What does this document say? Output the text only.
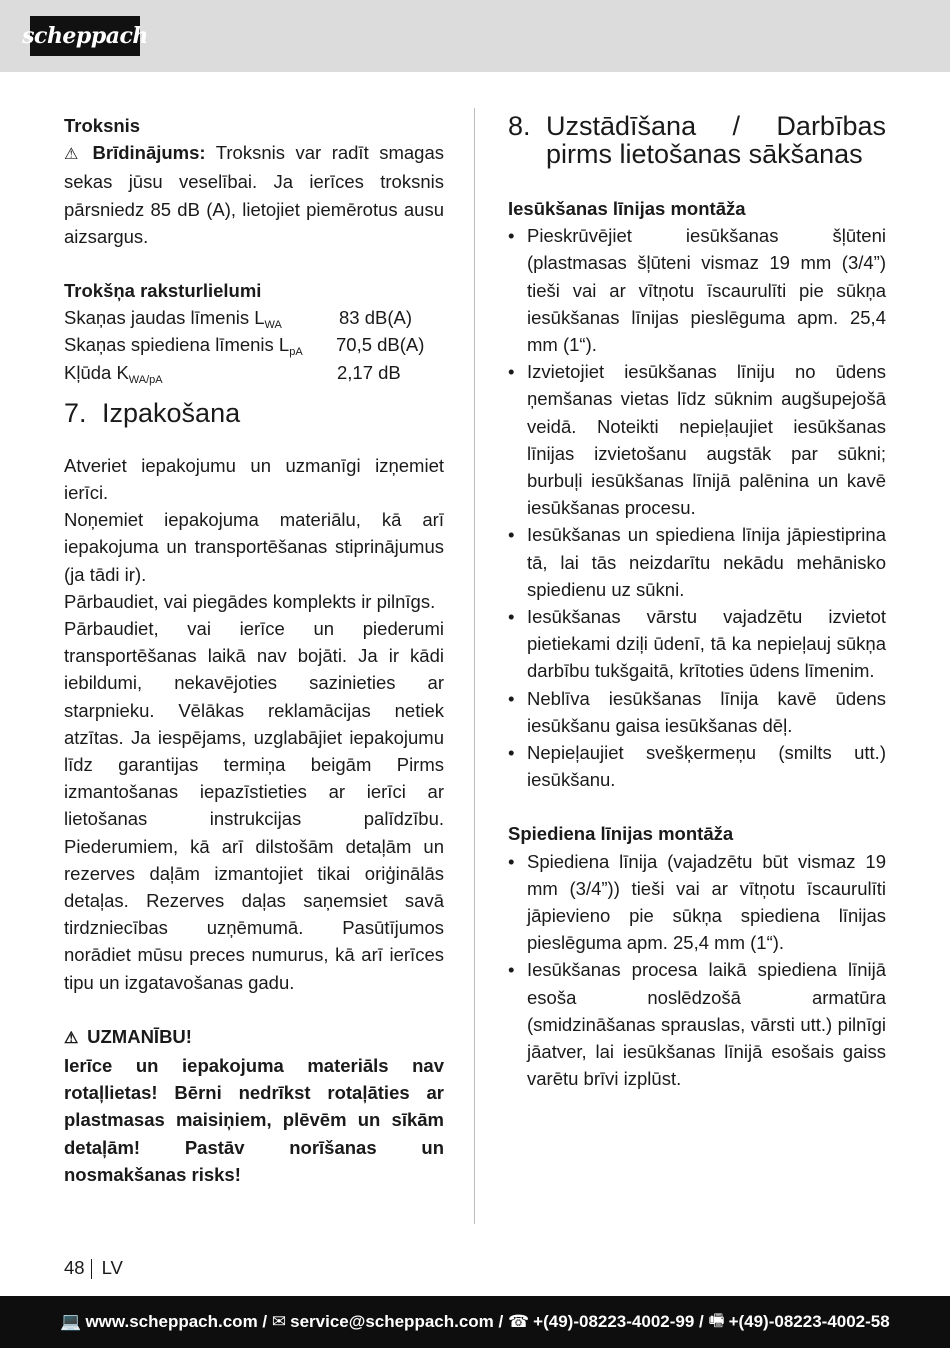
scheppach

Troksnis

⚠ Brīdinājums: Troksnis var radīt smagas sekas jūsu veselībai. Ja ierīces troksnis pārsniedz 85 dB (A), lietojiet piemērotus ausu aizsargus.

Trokšņa raksturlielumi

Skaņas jaudas līmenis $L_{WA}$	83 dB(A)
Skaņas spiediena līmenis $L_{pA}$ 70,5 dB(A)
Kļūda $K_{WA/pA}$	2,17 dB
7. Izpakošana

Atveriet iepakojumu un uzmanīgi izņemiet ierīci.

Noņemiet iepakojuma materiālu, kā arī iepakojuma un transportēšanas stiprinājumus (ja tādi ir).

Pārbaudiet, vai piegādes komplekts ir pilnīgs.

Pārbaudiet, vai ierīce un piederumi transportēšanas laikā nav bojāti. Ja ir kādi iebildumi, nekavējoties sazinieties ar starpnieku. Vēlākas reklamācijas netiek atzītas. Ja iespējams, uzglabājiet iepakojumu līdz garantijas termiņa beigām Pirms izmantošanas iepazīstieties ar ierīci ar lietošanas instrukcijas palīdzību. Piederumiem, kā arī dilstošām detaļām un rezerves daļām izmantojiet tikai oriģinālās detaļas. Rezerves daļas saņemsiet savā tirdzniecības uzņēmumā. Pasūtījumos norādiet mūsu preces numurus, kā arī ierīces tipu un izgatavošanas gadu.

⚠ UZMANĪBU!

Ierīce un iepakojuma materiāls nav rotaļlietas! Bērni nedrīkst rotaļāties ar plastmasas maisiņiem, plēvēm un sīkām detaļām! Pastāv norīšanas un nosmakšanas risks!

8. Uzstādīšana / Darbības pirms lietošanas sākšanas

Iesūkšanas līnijas montāža

• Pieskrūvējiet iesūkšanas šļūteni (plastmasas šļūteni vismaz 19 mm (3/4”) tieši vai ar vītņotu īscaurulīti pie sūkņa iesūkšanas līnijas pieslēguma apm. 25,4 mm (1“).
• Izvietojiet iesūkšanas līniju no ūdens ņemšanas vietas līdz sūknim augšupejošā veidā. Noteikti nepieļaujiet iesūkšanas līnijas izvietošanu augstāk par sūkni; burbuļi iesūkšanas līnijā palēnina un kavē iesūkšanas procesu.
• Iesūkšanas un spiediena līnija jāpiestiprina tā, lai tās neizdarītu nekādu mehānisko spiedienu uz sūkni.
• Iesūkšanas vārstu vajadzētu izvietot pietiekami dziļi ūdenī, tā ka nepieļauj sūkņa darbību tukšgaitā, krītoties ūdens līmenim.
• Neblīva iesūkšanas līnija kavē ūdens iesūkšanu gaisa iesūkšanas dēļ.
• Nepieļaujiet svešķermeņu (smilts utt.) iesūkšanu.

Spiediena līnijas montāža

• Spiediena līnija (vajadzētu būt vismaz 19 mm (3/4”)) tieši vai ar vītņotu īscaurulīti jāpievieno pie sūkņa spiediena līnijas pieslēguma apm. 25,4 mm (1“).
• Iesūkšanas procesa laikā spiediena līnijā esoša noslēdzošā armatūra (smidzināšanas sprauslas, vārsti utt.) pilnīgi jāatver, lai iesūkšanas līnijā esošais gaiss varētu brīvi izplūst.
48 LV
💻 www.scheppach.com /
✉ service@scheppach.com /
☎ +(49)-08223-4002-99 /
🖷 +(49)-08223-4002-58
